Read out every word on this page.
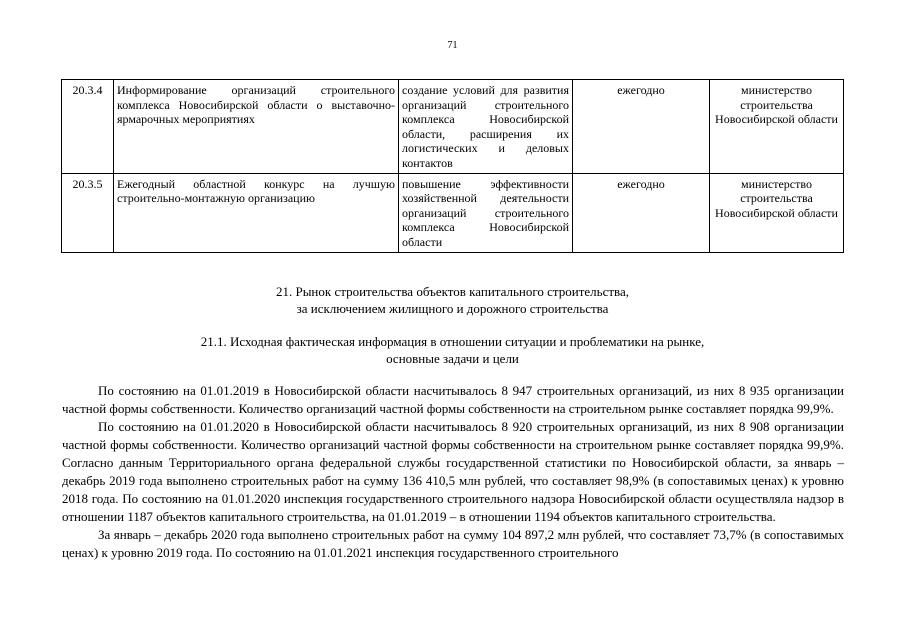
71
20.3.4	Информирование организаций строительного комплекса Новосибирской области о выставочно-ярмарочных мероприятиях	создание условий для развития организаций строительного комплекса Новосибирской области, расширения их логистических и деловых контактов	ежегодно	министерство строительства Новосибирской области
20.3.5	Ежегодный областной конкурс на лучшую строительно-монтажную организацию	повышение эффективности хозяйственной деятельности организаций строительного комплекса Новосибирской области	ежегодно	министерство строительства Новосибирской области
21. Рынок строительства объектов капитального строительства,
за исключением жилищного и дорожного строительства
21.1. Исходная фактическая информация в отношении ситуации и проблематики на рынке,
основные задачи и цели

По состоянию на 01.01.2019 в Новосибирской области насчитывалось 8 947 строительных организаций, из них 8 935 организации частной формы собственности. Количество организаций частной формы собственности на строительном рынке составляет порядка 99,9%.

По состоянию на 01.01.2020 в Новосибирской области насчитывалось 8 920 строительных организаций, из них 8 908 организации частной формы собственности. Количество организаций частной формы собственности на строительном рынке составляет порядка 99,9%. Согласно данным Территориального органа федеральной службы государственной статистики по Новосибирской области, за январь – декабрь 2019 года выполнено строительных работ на сумму 136 410,5 млн рублей, что составляет 98,9% (в сопоставимых ценах) к уровню 2018 года. По состоянию на 01.01.2020 инспекция государственного строительного надзора Новосибирской области осуществляла надзор в отношении 1187 объектов капитального строительства, на 01.01.2019 – в отношении 1194 объектов капитального строительства.

За январь – декабрь 2020 года выполнено строительных работ на сумму 104 897,2 млн рублей, что составляет 73,7% (в сопоставимых ценах) к уровню 2019 года. По состоянию на 01.01.2021 инспекция государственного строительного
